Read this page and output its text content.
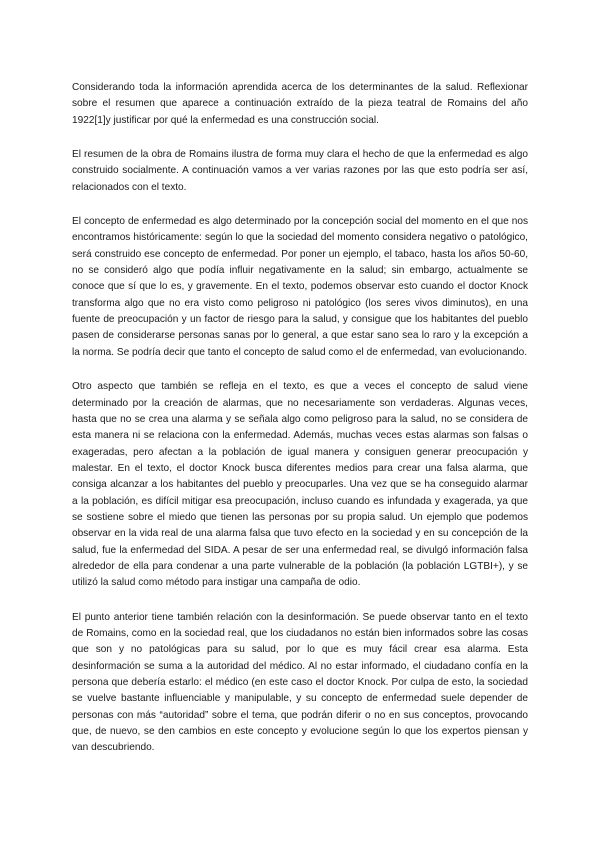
Considerando toda la información aprendida acerca de los determinantes de la salud. Reflexionar sobre el resumen que aparece a continuación extraído de la pieza teatral de Romains del año 1922[1]y justificar por qué la enfermedad es una construcción social.

El resumen de la obra de Romains ilustra de forma muy clara el hecho de que la enfermedad es algo construido socialmente. A continuación vamos a ver varias razones por las que esto podría ser así, relacionados con el texto.

El concepto de enfermedad es algo determinado por la concepción social del momento en el que nos encontramos históricamente: según lo que la sociedad del momento considera negativo o patológico, será construido ese concepto de enfermedad. Por poner un ejemplo, el tabaco, hasta los años 50-60, no se consideró algo que podía influir negativamente en la salud; sin embargo, actualmente se conoce que sí que lo es, y gravemente. En el texto, podemos observar esto cuando el doctor Knock transforma algo que no era visto como peligroso ni patológico (los seres vivos diminutos), en una fuente de preocupación y un factor de riesgo para la salud, y consigue que los habitantes del pueblo pasen de considerarse personas sanas por lo general, a que estar sano sea lo raro y la excepción a la norma. Se podría decir que tanto el concepto de salud como el de enfermedad, van evolucionando.

Otro aspecto que también se refleja en el texto, es que a veces el concepto de salud viene determinado por la creación de alarmas, que no necesariamente son verdaderas. Algunas veces, hasta que no se crea una alarma y se señala algo como peligroso para la salud, no se considera de esta manera ni se relaciona con la enfermedad. Además, muchas veces estas alarmas son falsas o exageradas, pero afectan a la población de igual manera y consiguen generar preocupación y malestar. En el texto, el doctor Knock busca diferentes medios para crear una falsa alarma, que consiga alcanzar a los habitantes del pueblo y preocuparles. Una vez que se ha conseguido alarmar a la población, es difícil mitigar esa preocupación, incluso cuando es infundada y exagerada, ya que se sostiene sobre el miedo que tienen las personas por su propia salud. Un ejemplo que podemos observar en la vida real de una alarma falsa que tuvo efecto en la sociedad y en su concepción de la salud, fue la enfermedad del SIDA. A pesar de ser una enfermedad real, se divulgó información falsa alrededor de ella para condenar a una parte vulnerable de la población (la población LGTBI+), y se utilizó la salud como método para instigar una campaña de odio.

El punto anterior tiene también relación con la desinformación. Se puede observar tanto en el texto de Romains, como en la sociedad real, que los ciudadanos no están bien informados sobre las cosas que son y no patológicas para su salud, por lo que es muy fácil crear esa alarma. Esta desinformación se suma a la autoridad del médico. Al no estar informado, el ciudadano confía en la persona que debería estarlo: el médico (en este caso el doctor Knock. Por culpa de esto, la sociedad se vuelve bastante influenciable y manipulable, y su concepto de enfermedad suele depender de personas con más “autoridad” sobre el tema, que podrán diferir o no en sus conceptos, provocando que, de nuevo, se den cambios en este concepto y evolucione según lo que los expertos piensan y van descubriendo.
